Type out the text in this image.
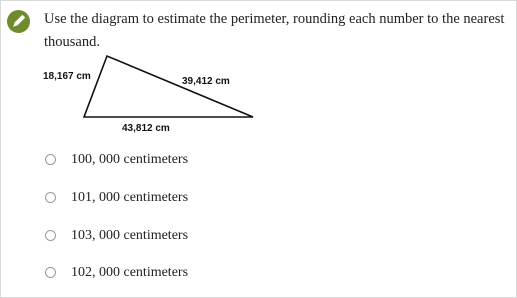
Use the diagram to estimate the perimeter, rounding each number to the nearest thousand.

18,167 cm	39,412 cm
43,812 cm
100, 000 centimeters
101, 000 centimeters
103, 000 centimeters
102, 000 centimeters
